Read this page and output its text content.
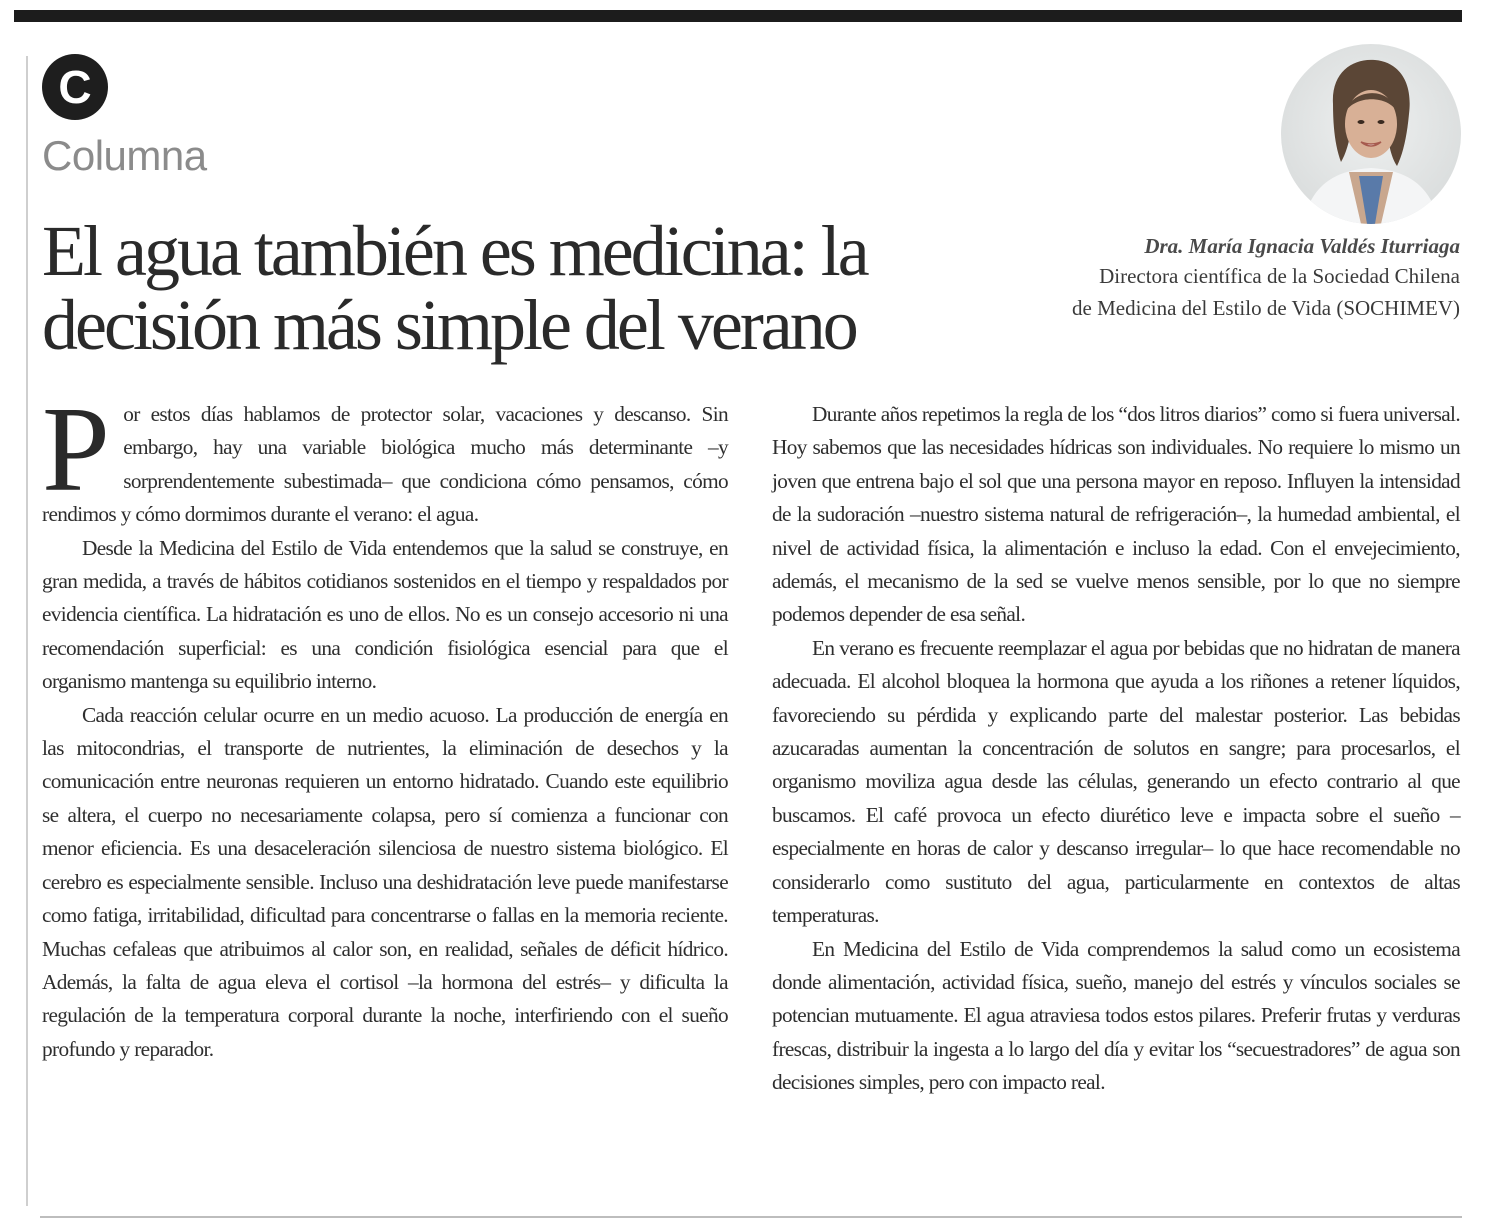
C
Columna
El agua también es medicina: la decisión más simple del verano
Dra. María Ignacia Valdés Iturriaga
Directora científica de la Sociedad Chilena
de Medicina del Estilo de Vida (SOCHIMEV)

Por estos días hablamos de protector solar, vacaciones y descanso. Sin embargo, hay una variable biológica mucho más determinante –y sorprendentemente subestimada– que condiciona cómo pensamos, cómo rendimos y cómo dormimos durante el verano: el agua.

Desde la Medicina del Estilo de Vida entendemos que la salud se construye, en gran medida, a través de hábitos cotidianos sostenidos en el tiempo y respaldados por evidencia científica. La hidratación es uno de ellos. No es un consejo accesorio ni una recomendación superficial: es una condición fisiológica esencial para que el organismo mantenga su equilibrio interno.

Cada reacción celular ocurre en un medio acuoso. La producción de energía en las mitocondrias, el transporte de nutrientes, la eliminación de desechos y la comunicación entre neuronas requieren un entorno hidratado. Cuando este equilibrio se altera, el cuerpo no necesariamente colapsa, pero sí comienza a funcionar con menor eficiencia. Es una desaceleración silenciosa de nuestro sistema biológico. El cerebro es especialmente sensible. Incluso una deshidratación leve puede manifestarse como fatiga, irritabilidad, dificultad para concentrarse o fallas en la memoria reciente. Muchas cefaleas que atribuimos al calor son, en realidad, señales de déficit hídrico. Además, la falta de agua eleva el cortisol –la hormona del estrés– y dificulta la regulación de la temperatura corporal durante la noche, interfiriendo con el sueño profundo y reparador.

Durante años repetimos la regla de los “dos litros diarios” como si fuera universal. Hoy sabemos que las necesidades hídricas son individuales. No requiere lo mismo un joven que entrena bajo el sol que una persona mayor en reposo. Influyen la intensidad de la sudoración –nuestro sistema natural de refrigeración–, la humedad ambiental, el nivel de actividad física, la alimentación e incluso la edad. Con el envejecimiento, además, el mecanismo de la sed se vuelve menos sensible, por lo que no siempre podemos depender de esa señal.

En verano es frecuente reemplazar el agua por bebidas que no hidratan de manera adecuada. El alcohol bloquea la hormona que ayuda a los riñones a retener líquidos, favoreciendo su pérdida y explicando parte del malestar posterior. Las bebidas azucaradas aumentan la concentración de solutos en sangre; para procesarlos, el organismo moviliza agua desde las células, generando un efecto contrario al que buscamos. El café provoca un efecto diurético leve e impacta sobre el sueño –especialmente en horas de calor y descanso irregular– lo que hace recomendable no considerarlo como sustituto del agua, particularmente en contextos de altas temperaturas.

En Medicina del Estilo de Vida comprendemos la salud como un ecosistema donde alimentación, actividad física, sueño, manejo del estrés y vínculos sociales se potencian mutuamente. El agua atraviesa todos estos pilares. Preferir frutas y verduras frescas, distribuir la ingesta a lo largo del día y evitar los “secuestradores” de agua son decisiones simples, pero con impacto real.
